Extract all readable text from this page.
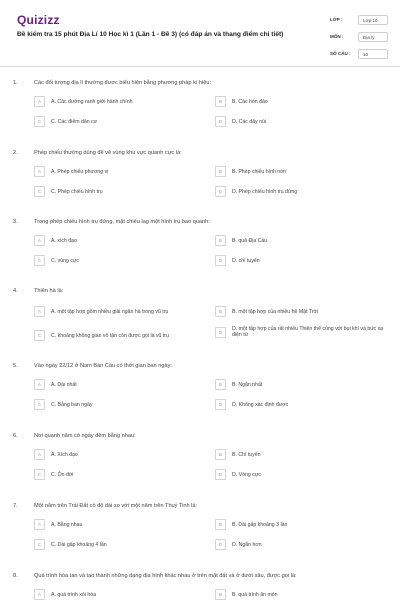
Quizizz
Đề kiểm tra 15 phút Địa Lí 10 Học kì 1 (Lần 1 - Đề 3) (có đáp án và thang điểm chi tiết)
LỚP :	Lớp 10
MÔN :	Địa lý
SỐ CÂU :	10
1.	Các đối tượng địa lí thường được biểu hiện bằng phương pháp kí hiệu:
A	A. Các đường ranh giới hành chính	B	B. Các hòn đảo
C	C. Các điểm dân cư	D	D. Các dãy núi
2.	Phép chiếu thường dùng để vẽ vùng khu vực quanh cực là:
A	A. Phép chiếu phương vị	B	B. Phép chiếu hình nón
C	C. Phép chiếu hình trụ	D	D. Phép chiếu hình trụ đứng
3.	Trong phép chiếu hình trụ đứng, mặt chiếu lag một hình trụ bao quanh:
A	A. xích đạo	B	B. quả Địa Cầu
C	C. vùng cực	D	D. chí tuyến
4.	Thiên hà là:
A	A. một tập hợp gồm nhiều giải ngân hà trong vũ trụ	B	B. một tập hợp của nhiều hệ Mặt Trời
C	C. khoảng không gian vô tận còn được gọi là vũ trụ
D	D. một tập hợp của rất nhiều Thiên thể cùng với bụi khí và bức xạ điện từ
5.	Vào ngày 22/12 ở Nam Bán Cầu có thời gian ban ngày:
A	A. Dài nhất	B	B. Ngắn nhất
C	C. Bằng ban ngày	D	D. Không xác định được
6.	Nơi quanh năm có ngày đêm bằng nhau:
A	A. Xích đạo	B	B. Chí tuyến
C	C. Ôn đới	D	D. Vòng cực
7.	Một năm trên Trái Đất có độ dài so với một năm trên Thuỷ Tinh là:
A	A. Bằng nhau	B	B. Dài gấp khoảng 3 lần
C	C. Dài gấp khoảng 4 lần	D	D. Ngắn hơn
8.	Quá trình hòa tan và tạo thành những dạng địa hình khác nhau ở trên mặt đất và ở dưới sâu, được gọi là:
A	A. quá trình xói hòa	B	B. quá trình ăn mòn
